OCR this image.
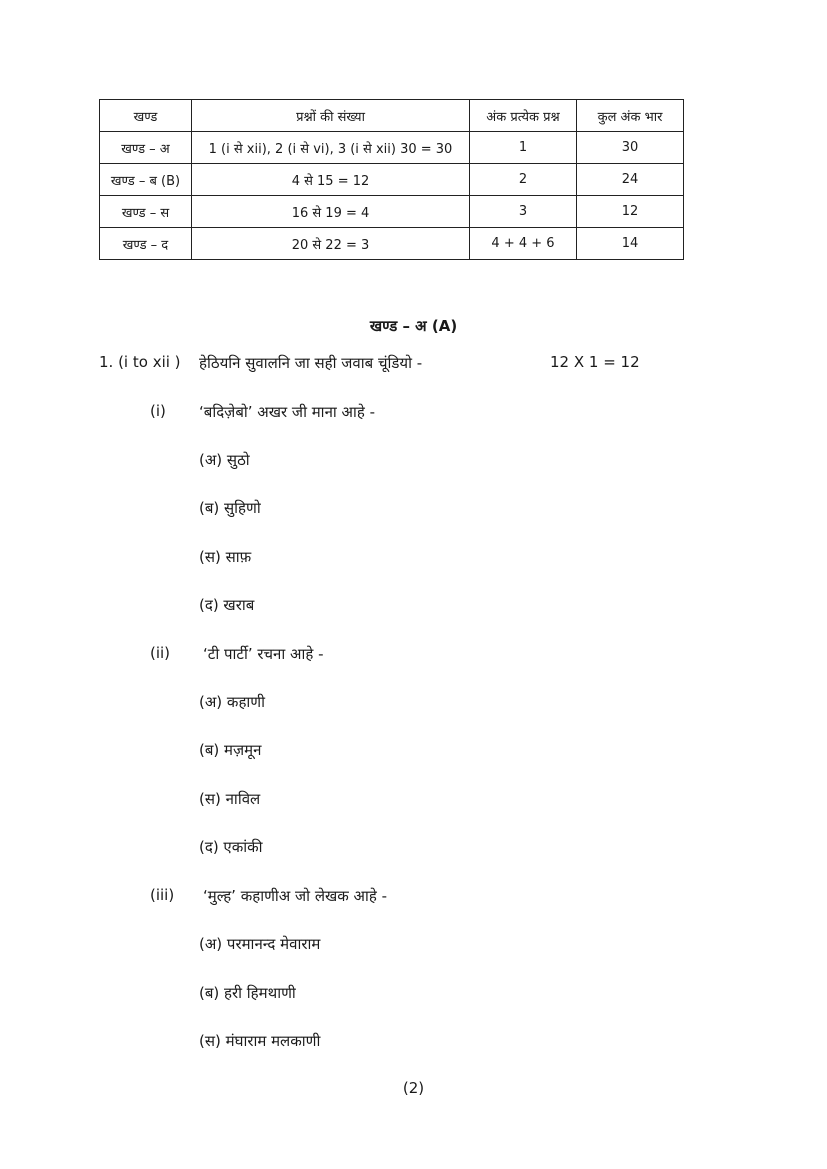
खण्ड	प्रश्नों की संख्या	अंक प्रत्येक प्रश्न	कुल अंक भार
खण्ड – अ	1 (i से xii), 2 (i से vi), 3 (i से xii) 30 = 30	1	30
खण्ड – ब (B)	4 से 15 = 12	2	24
खण्ड – स	16 से 19 = 4	3	12
खण्ड – द	20 से 22 = 3	4 + 4 + 6	14
खण्ड – अ (A)
1. (i to xii ) हेठियनि सुवालनि जा सही जवाब चूंडियो -	12 X 1 = 12
(i) ‘बदिज़ेबो’ अखर जी माना आहे -
(अ) सुठो
(ब) सुहिणो
(स) साफ़
(द) खराब
(ii) ‘टी पार्टी’ रचना आहे -
(अ) कहाणी
(ब) मज़मून
(स) नाविल
(द) एकांकी
(iii) ‘मुल्ह’ कहाणीअ जो लेखक आहे -
(अ) परमानन्द मेवाराम
(ब) हरी हिमथाणी
(स) मंघाराम मलकाणी
(2)
